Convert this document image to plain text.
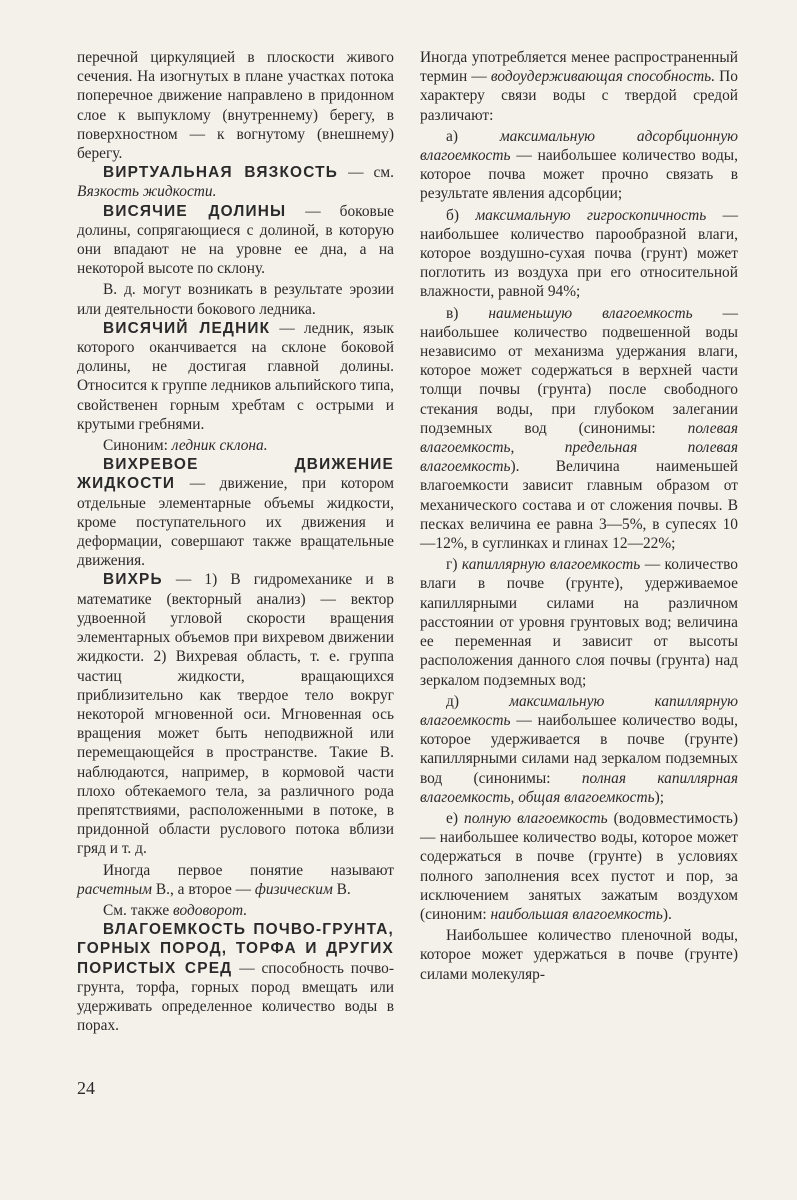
перечной циркуляцией в плоскости живого сечения. На изогнутых в плане участках потока поперечное движение направлено в придонном слое к выпуклому (внутреннему) берегу, в поверхностном — к вогнутому (внешнему) берегу.

ВИРТУАЛЬНАЯ ВЯЗКОСТЬ — см. Вязкость жидкости.

ВИСЯЧИЕ ДОЛИНЫ — боковые долины, сопрягающиеся с долиной, в которую они впадают не на уровне ее дна, а на некоторой высоте по склону.

В. д. могут возникать в результате эрозии или деятельности бокового ледника.

ВИСЯЧИЙ ЛЕДНИК — ледник, язык которого оканчивается на склоне боковой долины, не достигая главной долины. Относится к группе ледников альпийского типа, свойственен горным хребтам с острыми и крутыми гребнями.

Синоним: ледник склона.

ВИХРЕВОЕ ДВИЖЕНИЕ ЖИДКОСТИ — движение, при котором отдельные элементарные объемы жидкости, кроме поступательного их движения и деформации, совершают также вращательные движения.

ВИХРЬ — 1) В гидромеханике и в математике (векторный анализ) — вектор удвоенной угловой скорости вращения элементарных объемов при вихревом движении жидкости. 2) Вихревая область, т. е. группа частиц жидкости, вращающихся приблизительно как твердое тело вокруг некоторой мгновенной оси. Мгновенная ось вращения может быть неподвижной или перемещающейся в пространстве. Такие В. наблюдаются, например, в кормовой части плохо обтекаемого тела, за различного рода препятствиями, расположенными в потоке, в придонной области руслового потока вблизи гряд и т. д.

Иногда первое понятие называют расчетным В., а второе — физическим В.

См. также водоворот.

ВЛАГОЕМКОСТЬ ПОЧВО-ГРУНТА, ГОРНЫХ ПОРОД, ТОРФА И ДРУГИХ ПОРИСТЫХ СРЕД — способность почво-грунта, торфа, горных пород вмещать или удерживать определенное количество воды в порах.

Иногда употребляется менее распространенный термин — водоудерживающая способность. По характеру связи воды с твердой средой различают:

а) максимальную адсорбционную влагоемкость — наибольшее количество воды, которое почва может прочно связать в результате явления адсорбции;

б) максимальную гигроскопичность — наибольшее количество парообразной влаги, которое воздушно-сухая почва (грунт) может поглотить из воздуха при его относительной влажности, равной 94%;

в) наименьшую влагоемкость — наибольшее количество подвешенной воды независимо от механизма удержания влаги, которое может содержаться в верхней части толщи почвы (грунта) после свободного стекания воды, при глубоком залегании подземных вод (синонимы: полевая влагоемкость, предельная полевая влагоемкость). Величина наименьшей влагоемкости зависит главным образом от механического состава и от сложения почвы. В песках величина ее равна 3—5%, в супесях 10—12%, в суглинках и глинах 12—22%;

г) капиллярную влагоемкость — количество влаги в почве (грунте), удерживаемое капиллярными силами на различном расстоянии от уровня грунтовых вод; величина ее переменная и зависит от высоты расположения данного слоя почвы (грунта) над зеркалом подземных вод;

д) максимальную капиллярную влагоемкость — наибольшее количество воды, которое удерживается в почве (грунте) капиллярными силами над зеркалом подземных вод (синонимы: полная капиллярная влагоемкость, общая влагоемкость);

е) полную влагоемкость (водовместимость) — наибольшее количество воды, которое может содержаться в почве (грунте) в условиях полного заполнения всех пустот и пор, за исключением занятых зажатым воздухом (синоним: наибольшая влагоемкость).

Наибольшее количество пленочной воды, которое может удержаться в почве (грунте) силами молекуляр-

24
